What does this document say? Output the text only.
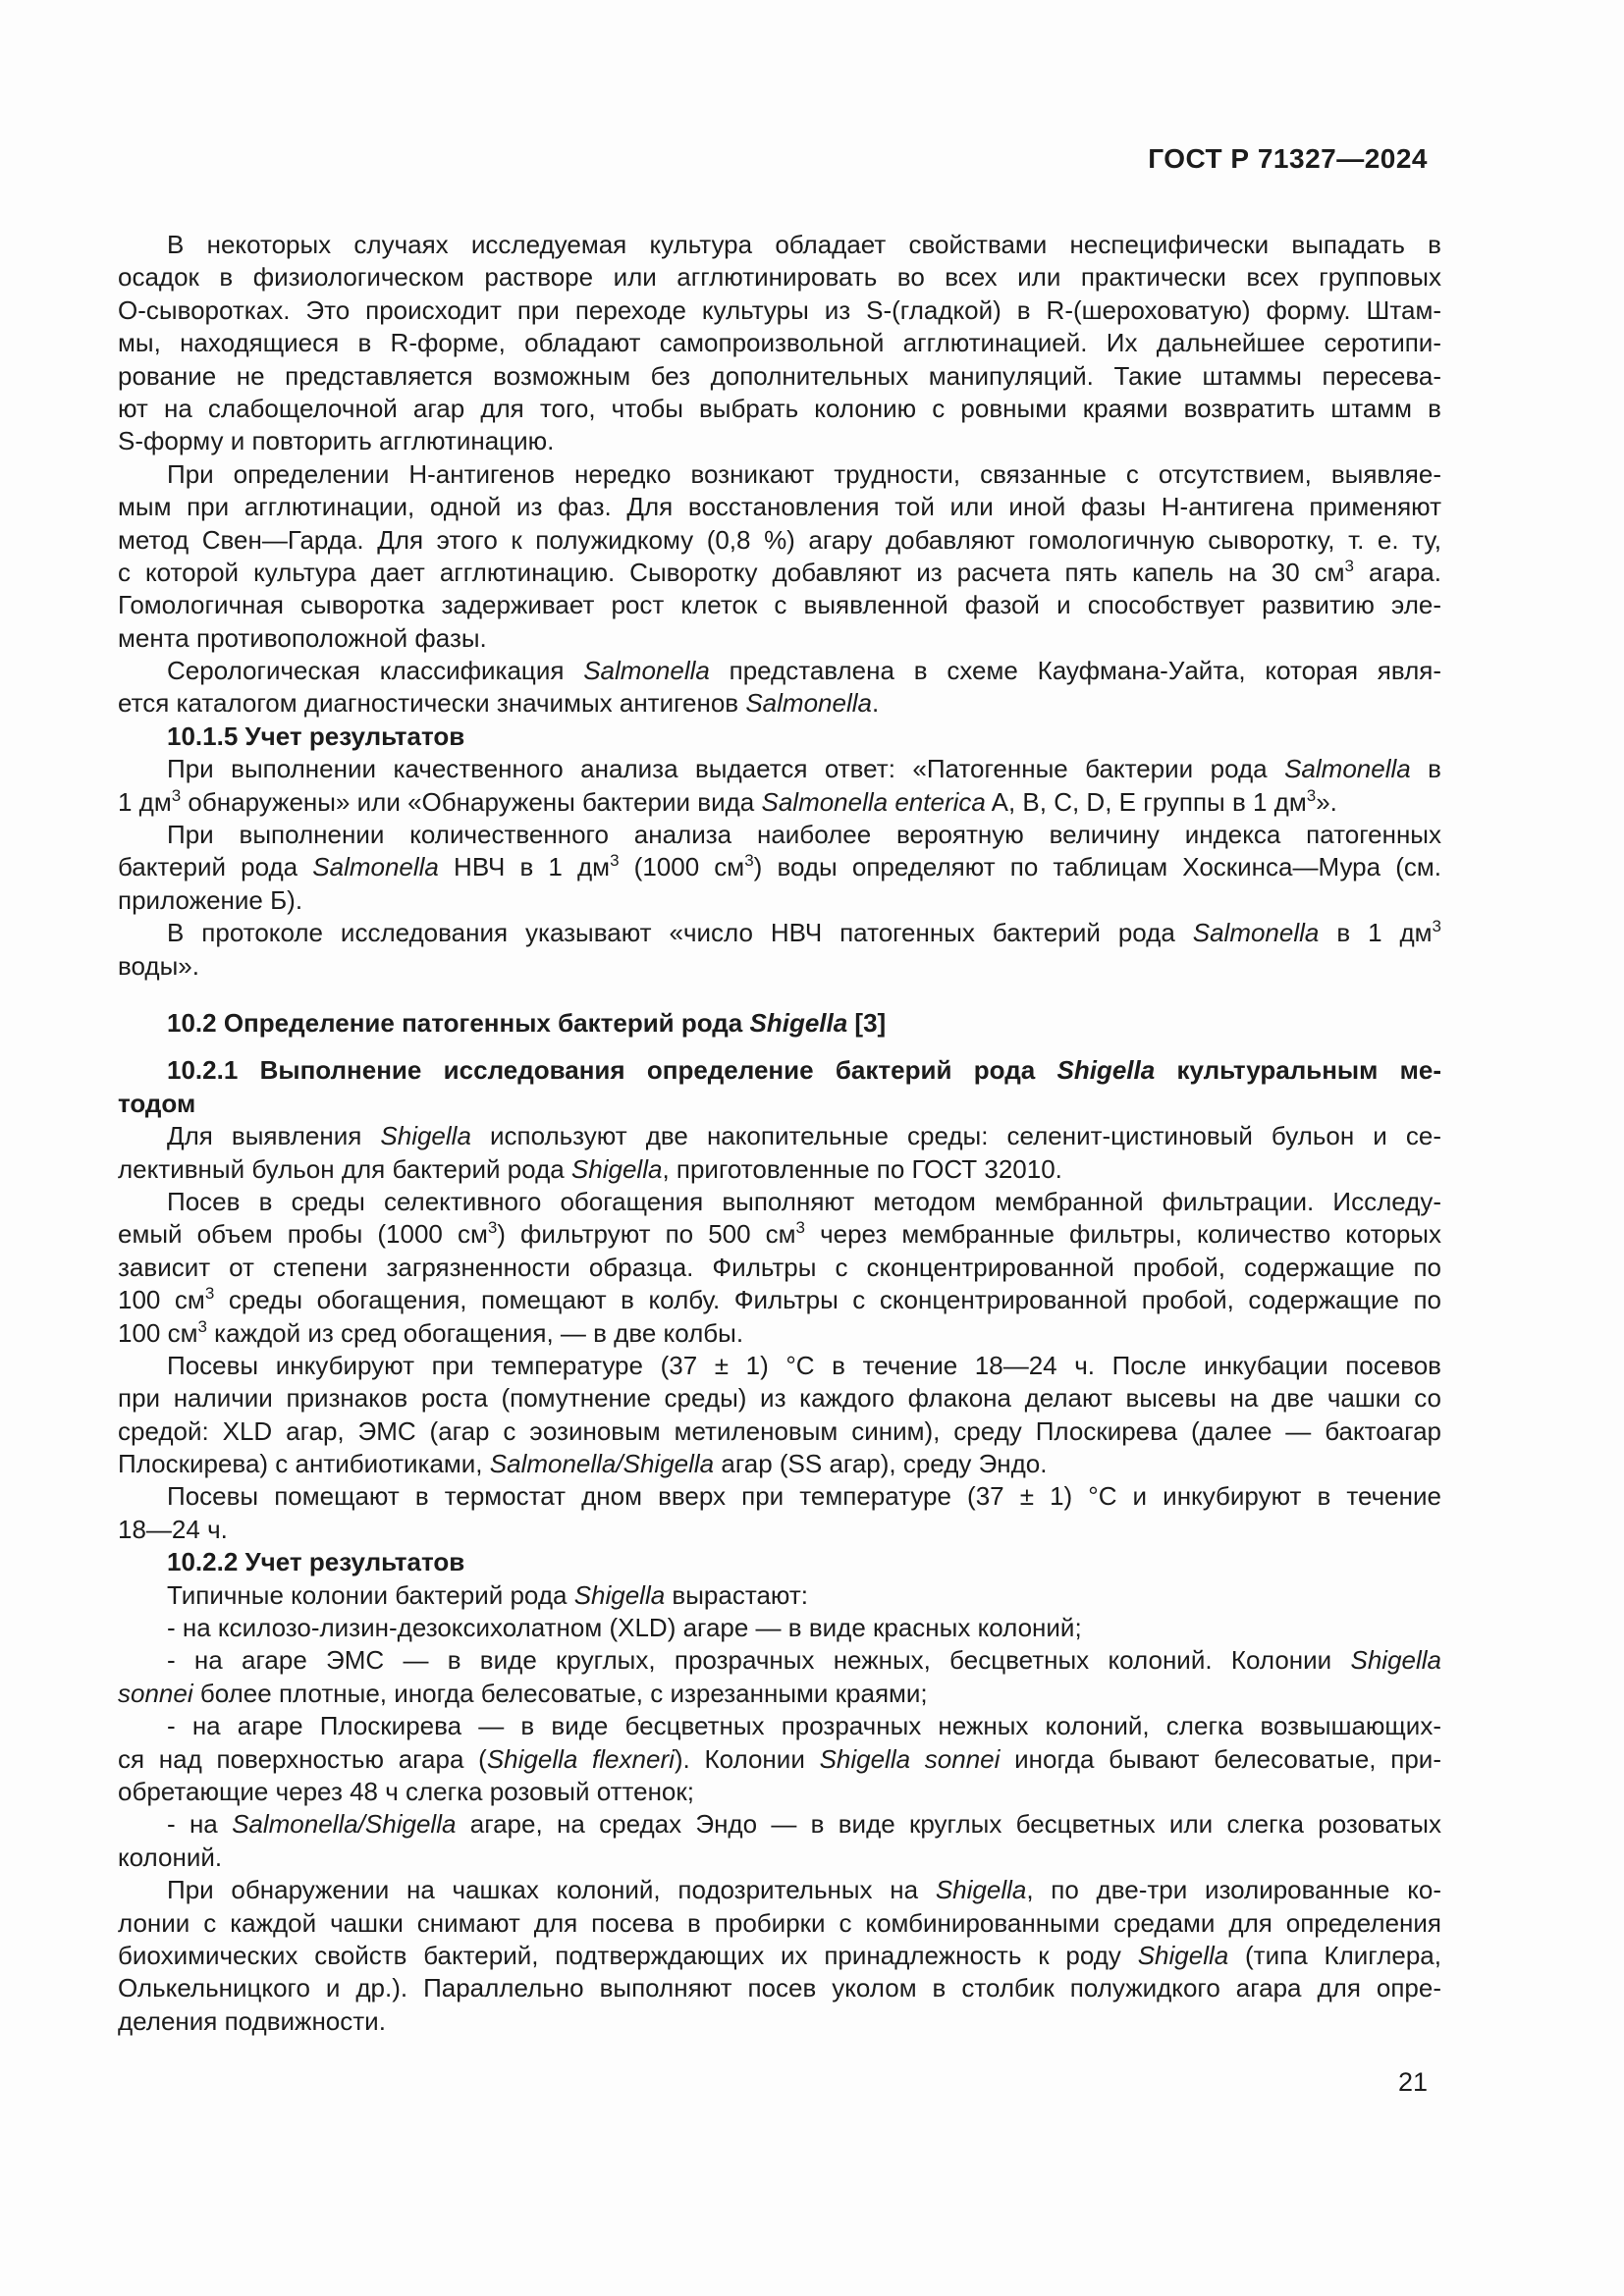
ГОСТ Р 71327—2024
В некоторых случаях исследуемая культура обладает свойствами неспецифически выпадать в
осадок в физиологическом растворе или агглютинировать во всех или практически всех групповых
О-сыворотках. Это происходит при переходе культуры из S-(гладкой) в R-(шероховатую) форму. Штам-
мы, находящиеся в R-форме, обладают самопроизвольной агглютинацией. Их дальнейшее серотипи-
рование не представляется возможным без дополнительных манипуляций. Такие штаммы пересева-
ют на слабощелочной агар для того, чтобы выбрать колонию с ровными краями возвратить штамм в
S-форму и повторить агглютинацию.
При определении Н-антигенов нередко возникают трудности, связанные с отсутствием, выявляе-
мым при агглютинации, одной из фаз. Для восстановления той или иной фазы Н-антигена применяют
метод Свен—Гарда. Для этого к полужидкому (0,8 %) агару добавляют гомологичную сыворотку, т. е. ту,
с которой культура дает агглютинацию. Сыворотку добавляют из расчета пять капель на 30 $см^3$ агара.
Гомологичная сыворотка задерживает рост клеток с выявленной фазой и способствует развитию эле-
мента противоположной фазы.
Серологическая классификация Salmonella представлена в схеме Кауфмана-Уайта, которая явля-
ется каталогом диагностически значимых антигенов Salmonella.
10.1.5 Учет результатов
При выполнении качественного анализа выдается ответ: «Патогенные бактерии рода Salmonella в
1 $дм^3$ обнаружены» или «Обнаружены бактерии вида Salmonella enterica A, B, C, D, E группы в 1 $дм^3$».
При выполнении количественного анализа наиболее вероятную величину индекса патогенных
бактерий рода Salmonella НВЧ в 1 $дм^3$ (1000 $см^3$) воды определяют по таблицам Хоскинса—Мура (см.
приложение Б).
В протоколе исследования указывают «число НВЧ патогенных бактерий рода Salmonella в 1 $дм^3$
воды».
10.2 Определение патогенных бактерий рода Shigella [3]
10.2.1 Выполнение исследования определение бактерий рода Shigella культуральным ме-
тодом
Для выявления Shigella используют две накопительные среды: селенит-цистиновый бульон и се-
лективный бульон для бактерий рода Shigella, приготовленные по ГОСТ 32010.
Посев в среды селективного обогащения выполняют методом мембранной фильтрации. Исследу-
емый объем пробы (1000 $см^3$) фильтруют по 500 $см^3$ через мембранные фильтры, количество которых
зависит от степени загрязненности образца. Фильтры с сконцентрированной пробой, содержащие по
100 $см^3$ среды обогащения, помещают в колбу. Фильтры с сконцентрированной пробой, содержащие по
100 $см^3$ каждой из сред обогащения, — в две колбы.
Посевы инкубируют при температуре (37 ± 1) °С в течение 18—24 ч. После инкубации посевов
при наличии признаков роста (помутнение среды) из каждого флакона делают высевы на две чашки со
средой: XLD агар, ЭМС (агар с эозиновым метиленовым синим), среду Плоскирева (далее — бактоагар
Плоскирева) с антибиотиками, Salmonella/Shigella агар (SS агар), среду Эндо.
Посевы помещают в термостат дном вверх при температуре (37 ± 1) °С и инкубируют в течение
18—24 ч.
10.2.2 Учет результатов
Типичные колонии бактерий рода Shigella вырастают:
- на ксилозо-лизин-дезоксихолатном (XLD) агаре — в виде красных колоний;
- на агаре ЭМС — в виде круглых, прозрачных нежных, бесцветных колоний. Колонии Shigella
sonnei более плотные, иногда белесоватые, с изрезанными краями;
- на агаре Плоскирева — в виде бесцветных прозрачных нежных колоний, слегка возвышающих-
ся над поверхностью агара (Shigella flexneri). Колонии Shigella sonnei иногда бывают белесоватые, при-
обретающие через 48 ч слегка розовый оттенок;
- на Salmonella/Shigella агаре, на средах Эндо — в виде круглых бесцветных или слегка розоватых
колоний.
При обнаружении на чашках колоний, подозрительных на Shigella, по две-три изолированные ко-
лонии с каждой чашки снимают для посева в пробирки с комбинированными средами для определения
биохимических свойств бактерий, подтверждающих их принадлежность к роду Shigella (типа Клиглера,
Олькельницкого и др.). Параллельно выполняют посев уколом в столбик полужидкого агара для опре-
деления подвижности.
21
